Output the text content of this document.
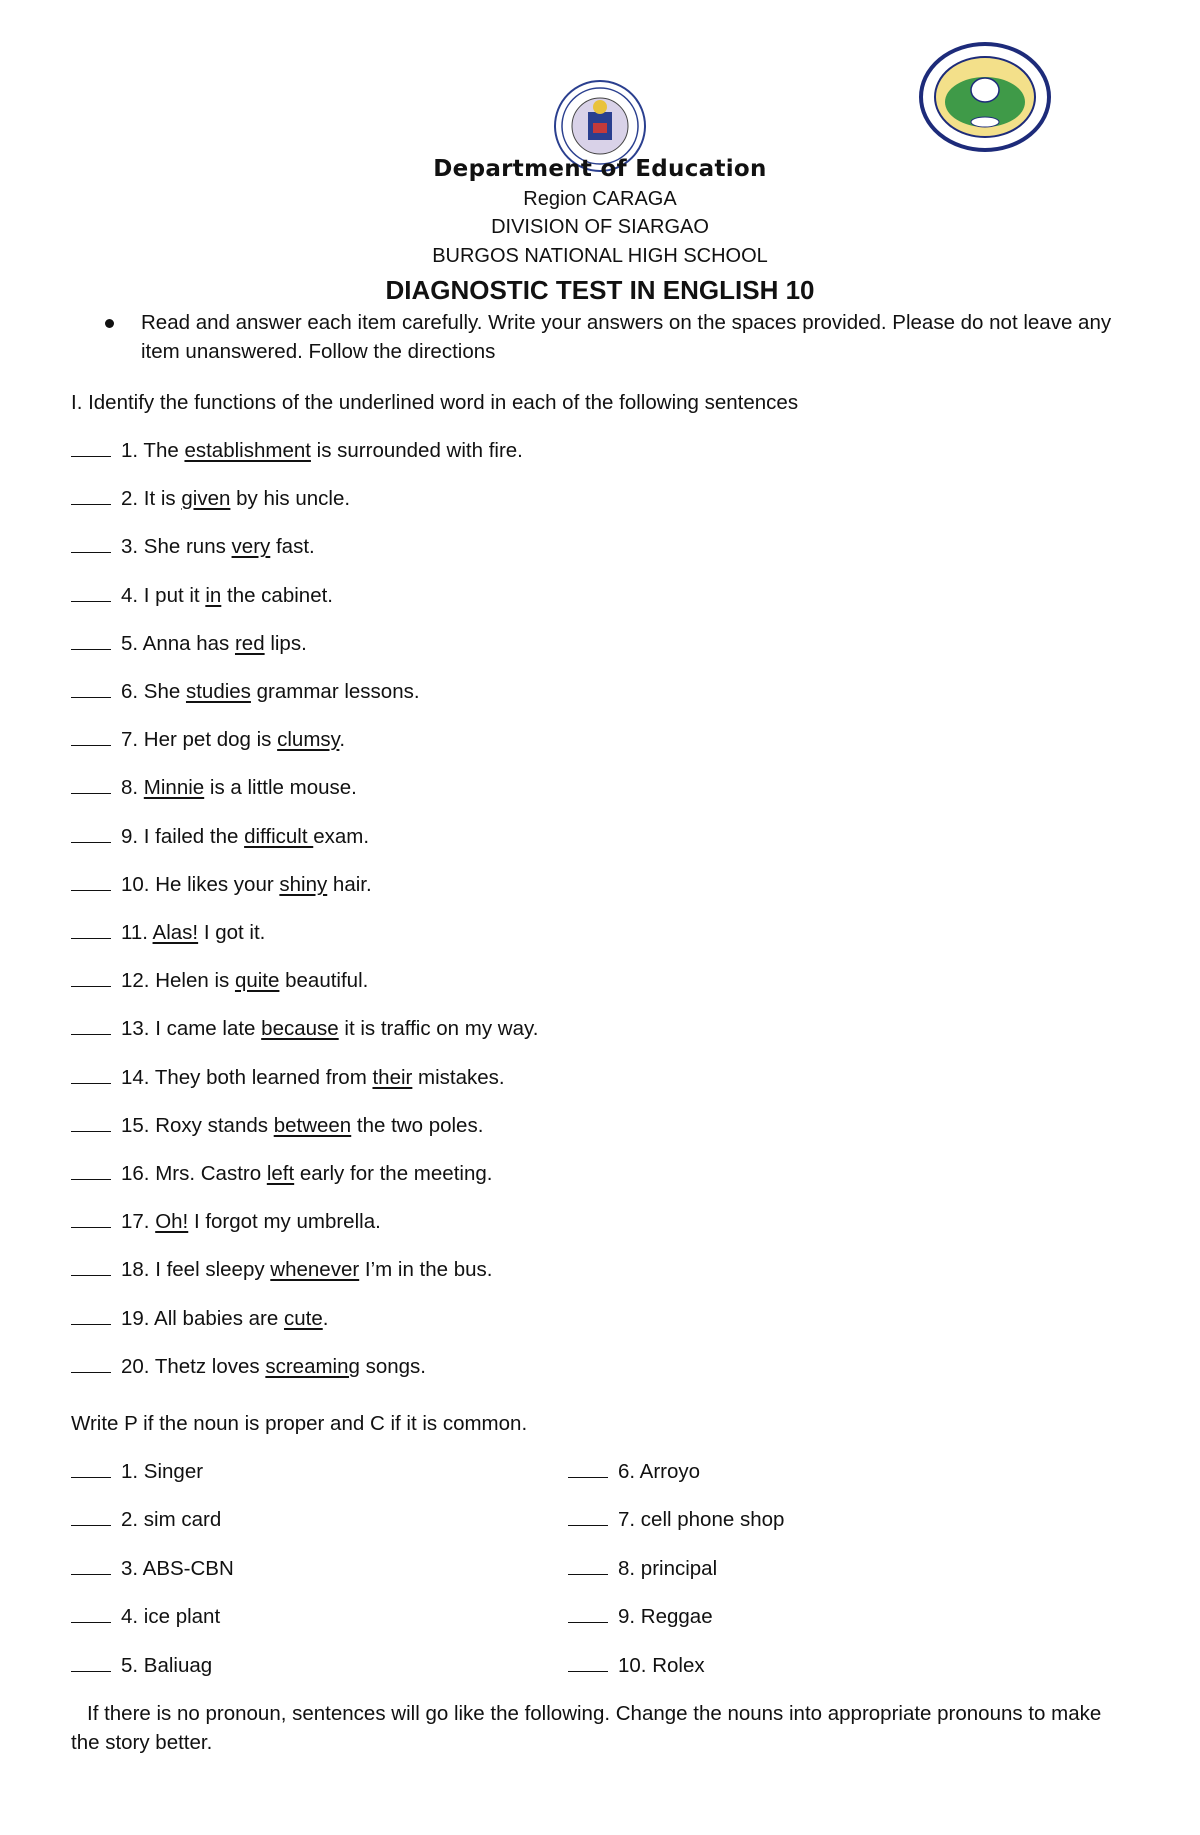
Department of Education
Region CARAGA
DIVISION OF SIARGAO
BURGOS NATIONAL HIGH SCHOOL
DIAGNOSTIC TEST IN ENGLISH 10
Read and answer each item carefully. Write your answers on the spaces provided. Please do not leave any item unanswered. Follow the directions
I. Identify the functions of the underlined word in each of the following sentences
1. The establishment is surrounded with fire.
2. It is given by his uncle.
3. She runs very fast.
4. I put it in the cabinet.
5. Anna has red lips.
6. She studies grammar lessons.
7. Her pet dog is clumsy.
8. Minnie is a little mouse.
9. I failed the difficult exam.
10. He likes your shiny hair.
11. Alas! I got it.
12. Helen is quite beautiful.
13. I came late because it is traffic on my way.
14. They both learned from their mistakes.
15. Roxy stands between the two poles.
16. Mrs. Castro left early for the meeting.
17. Oh! I forgot my umbrella.
18. I feel sleepy whenever I’m in the bus.
19. All babies are cute.
20. Thetz loves screaming songs.
Write P if the noun is proper and C if it is common.
1. Singer
2. sim card
3. ABS-CBN
4. ice plant
5. Baliuag
6. Arroyo
7. cell phone shop
8. principal
9. Reggae
10. Rolex
If there is no pronoun, sentences will go like the following. Change the nouns into appropriate pronouns to make the story better.
